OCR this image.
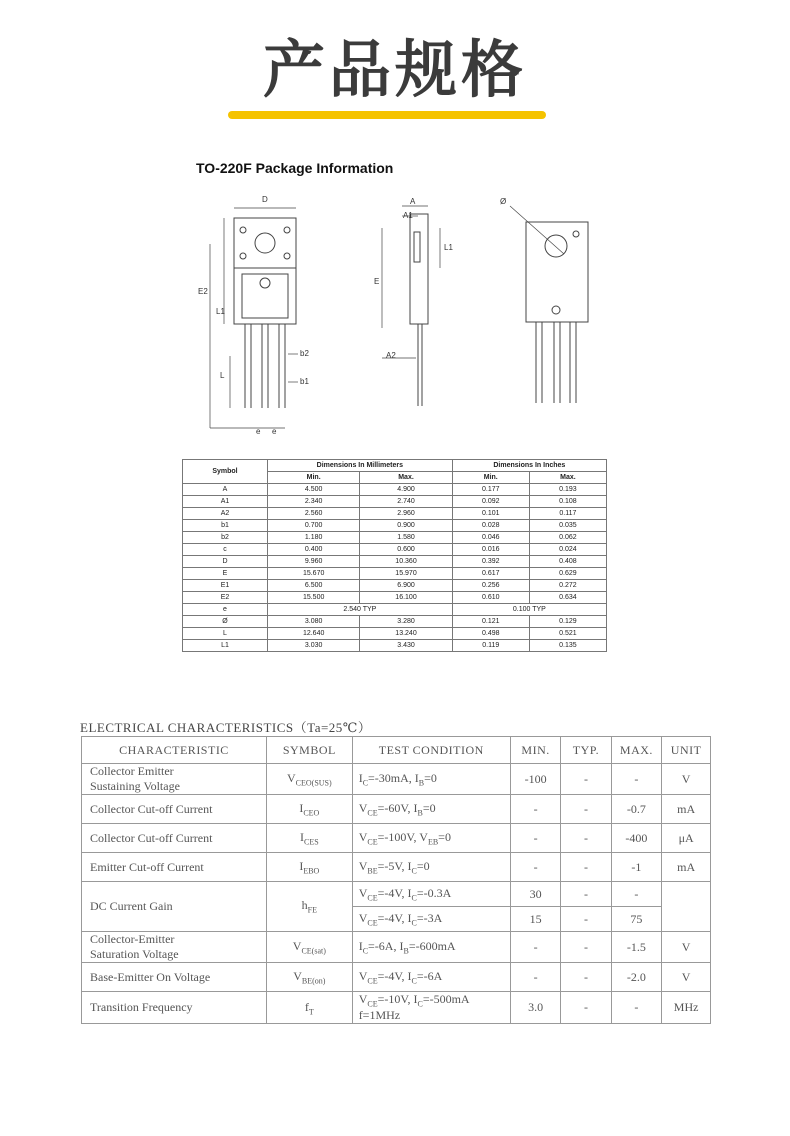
产品规格
TO-220F Package Information
D
E2
L1
L
b2
b1
e e
A
A1
A2
E
L1
Ø
Symbol	Dimensions In Millimeters		Dimensions In Inches	
	Min.	Max.	Min.	Max.
A	4.500	4.900	0.177	0.193
A1	2.340	2.740	0.092	0.108
A2	2.560	2.960	0.101	0.117
b1	0.700	0.900	0.028	0.035
b2	1.180	1.580	0.046	0.062
c	0.400	0.600	0.016	0.024
D	9.960	10.360	0.392	0.408
E	15.670	15.970	0.617	0.629
E1	6.500	6.900	0.256	0.272
E2	15.500	16.100	0.610	0.634
e	2.540 TYP		0.100 TYP	
Ø	3.080	3.280	0.121	0.129
L	12.640	13.240	0.498	0.521
L1	3.030	3.430	0.119	0.135
ELECTRICAL CHARACTERISTICS（Ta=25℃）
CHARACTERISTIC	SYMBOL	TEST CONDITION	MIN.	TYP.	MAX.	UNIT

Collector Emitter
Sustaining Voltage	$V_{CEO(SUS)}$	$I_C=-30mA$, $I_B=0$	-100	-	-	V

Collector Cut-off Current	$I_{CEO}$	$V_{CE}=-60V$, $I_B=0$	-	-	-0.7	mA

Collector Cut-off Current	$I_{CES}$	$V_{CE}=-100V$, $V_{EB}=0$	-	-	-400	μA

Emitter Cut-off Current	$I_{EBO}$	$V_{BE}=-5V$, $I_C=0$	-	-	-1	mA

DC Current Gain	$h_{FE}$	$V_{CE}=-4V$, $I_C=-0.3A$	30	-	-	
		$V_{CE}=-4V$, $I_C=-3A$	15	-	75	

Collector-Emitter
Saturation Voltage	$V_{CE(sat)}$	$I_C=-6A$, $I_B=-600mA$	-	-	-1.5	V

Base-Emitter On Voltage	$V_{BE(on)}$	$V_{CE}=-4V$, $I_C=-6A$	-	-	-2.0	V

Transition Frequency	$f_T$	$V_{CE}=-10V$, $I_C=-500mA$
f=1MHz	3.0	-	-	MHz
